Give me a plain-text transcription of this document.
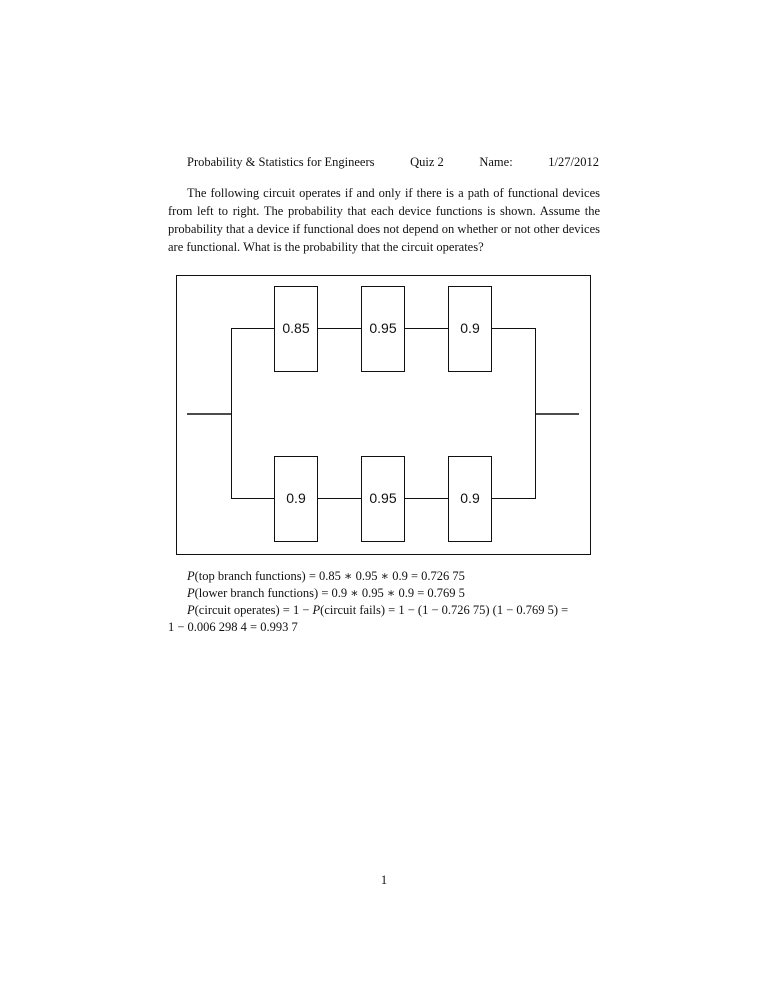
Probability & Statistics for Engineers	Quiz 2	Name:	1/27/2012

The following circuit operates if and only if there is a path of functional devices from left to right. The probability that each device functions is shown. Assume the probability that a device if functional does not depend on whether or not other devices are functional. What is the probability that the circuit operates?

0.85	0.95	0.9
0.9	0.95	0.9
P(top branch functions) = 0.85 ∗ 0.95 ∗ 0.9 = 0.726 75
P(lower branch functions) = 0.9 ∗ 0.95 ∗ 0.9 = 0.769 5
P(circuit operates) = 1 − P(circuit fails) = 1 − (1 − 0.726 75) (1 − 0.769 5) =
1 − 0.006 298 4 = 0.993 7
1
